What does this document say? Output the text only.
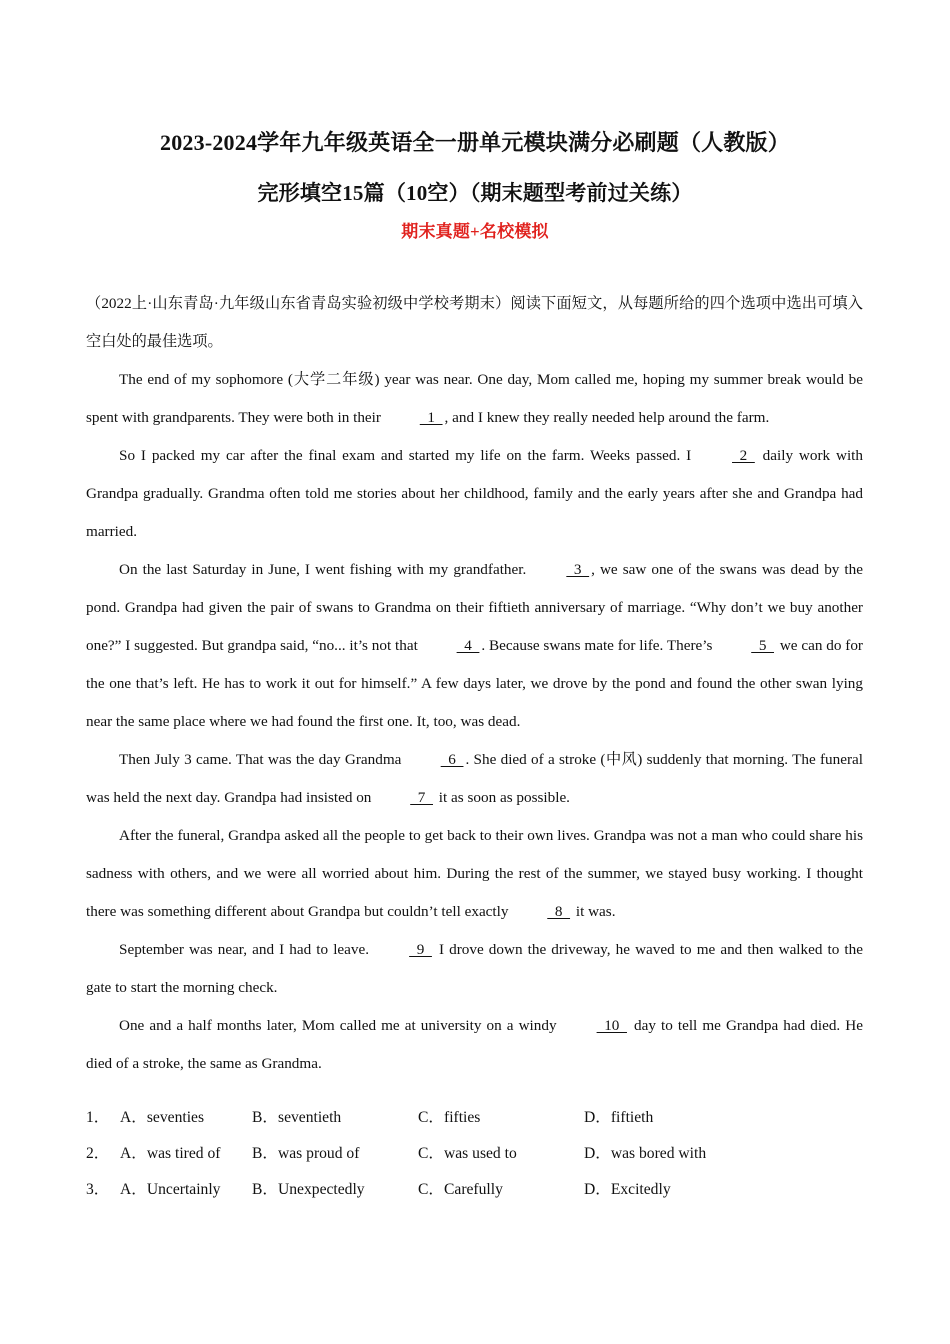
2023-2024学年九年级英语全一册单元模块满分必刷题（人教版）
完形填空15篇（10空）（期末题型考前过关练）
期末真题+名校模拟

（2022上·山东青岛·九年级山东省青岛实验初级中学校考期末）阅读下面短文，从每题所给的四个选项中选出可填入空白处的最佳选项。

The end of my sophomore (大学二年级) year was near. One day, Mom called me, hoping my summer break would be spent with grandparents. They were both in their   1  , and I knew they really needed help around the farm.

So I packed my car after the final exam and started my life on the farm. Weeks passed. I   2   daily work with Grandpa gradually. Grandma often told me stories about her childhood, family and the early years after she and Grandpa had married.

On the last Saturday in June, I went fishing with my grandfather.   3  , we saw one of the swans was dead by the pond. Grandpa had given the pair of swans to Grandma on their fiftieth anniversary of marriage. “Why don’t we buy another one?” I suggested. But grandpa said, “no... it’s not that   4  . Because swans mate for life. There’s   5   we can do for the one that’s left. He has to work it out for himself.” A few days later, we drove by the pond and found the other swan lying near the same place where we had found the first one. It, too, was dead.

Then July 3 came. That was the day Grandma   6  . She died of a stroke (中风) suddenly that morning. The funeral was held the next day. Grandpa had insisted on   7   it as soon as possible.

After the funeral, Grandpa asked all the people to get back to their own lives. Grandpa was not a man who could share his sadness with others, and we were all worried about him. During the rest of the summer, we stayed busy working. I thought there was something different about Grandpa but couldn’t tell exactly   8   it was.

September was near, and I had to leave.   9   I drove down the driveway, he waved to me and then walked to the gate to start the morning check.

One and a half months later, Mom called me at university on a windy   10   day to tell me Grandpa had died. He died of a stroke, the same as Grandma.

1． A．seventies	B．seventieth	C．fifties	D．fiftieth
2． A．was tired of	B．was proud of	C．was used to	D．was bored with
3． A．Uncertainly	B．Unexpectedly	C．Carefully	D．Excitedly
